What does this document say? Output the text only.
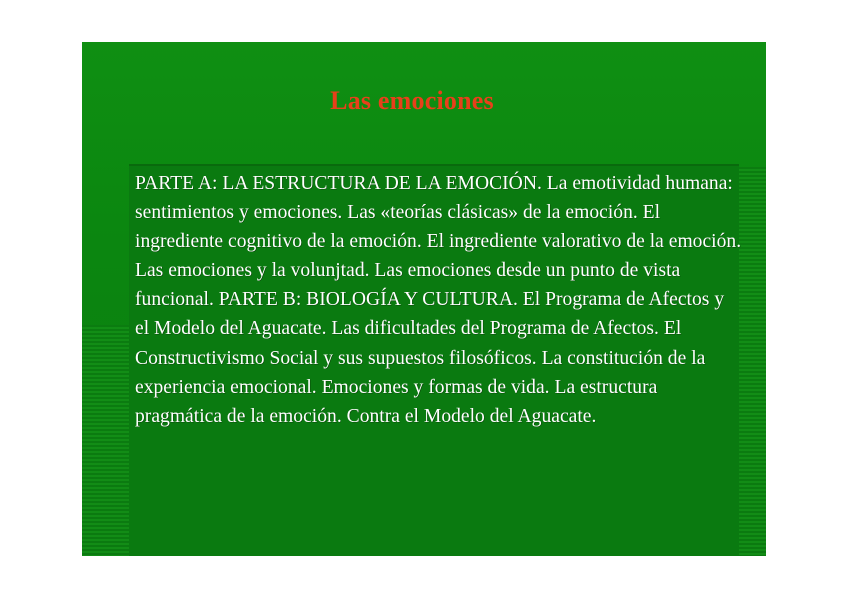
Las emociones

PARTE A: LA ESTRUCTURA DE LA EMOCIÓN. La emotividad humana: sentimientos y emociones. Las «teorías clásicas» de la emoción. El ingrediente cognitivo de la emoción. El ingrediente valorativo de la emoción. Las emociones y la volunjtad. Las emociones desde un punto de vista funcional. PARTE B: BIOLOGÍA Y CULTURA. El Programa de Afectos y el Modelo del Aguacate. Las dificultades del Programa de Afectos. El Constructivismo Social y sus supuestos filosóficos. La constitución de la experiencia emocional. Emociones y formas de vida. La estructura pragmática de la emoción. Contra el Modelo del Aguacate.
